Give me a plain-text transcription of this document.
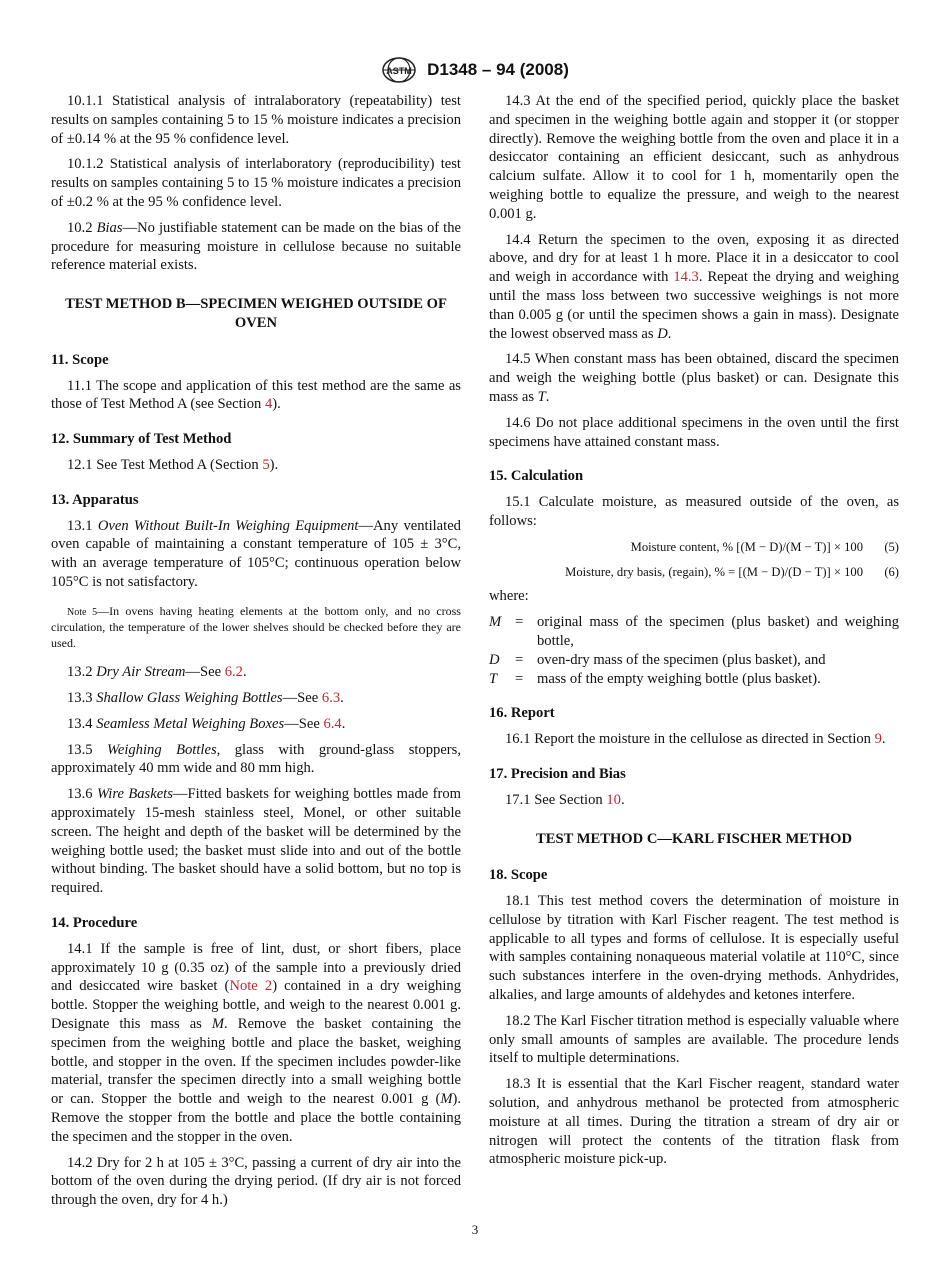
ASTM D1348 – 94 (2008)

10.1.1 Statistical analysis of intralaboratory (repeatability) test results on samples containing 5 to 15 % moisture indicates a precision of ±0.14 % at the 95 % confidence level.

10.1.2 Statistical analysis of interlaboratory (reproducibility) test results on samples containing 5 to 15 % moisture indicates a precision of ±0.2 % at the 95 % confidence level.

10.2 Bias—No justifiable statement can be made on the bias of the procedure for measuring moisture in cellulose because no suitable reference material exists.

TEST METHOD B—SPECIMEN WEIGHED OUTSIDE OF OVEN
11. Scope

11.1 The scope and application of this test method are the same as those of Test Method A (see Section 4).

12. Summary of Test Method

12.1 See Test Method A (Section 5).

13. Apparatus

13.1 Oven Without Built-In Weighing Equipment—Any ventilated oven capable of maintaining a constant temperature of 105 ± 3°C, with an average temperature of 105°C; continuous operation below 105°C is not satisfactory.

Note 5—In ovens having heating elements at the bottom only, and no cross circulation, the temperature of the lower shelves should be checked before they are used.

13.2 Dry Air Stream—See 6.2.

13.3 Shallow Glass Weighing Bottles—See 6.3.

13.4 Seamless Metal Weighing Boxes—See 6.4.

13.5 Weighing Bottles, glass with ground-glass stoppers, approximately 40 mm wide and 80 mm high.

13.6 Wire Baskets—Fitted baskets for weighing bottles made from approximately 15-mesh stainless steel, Monel, or other suitable screen. The height and depth of the basket will be determined by the weighing bottle used; the basket must slide into and out of the bottle without binding. The basket should have a solid bottom, but no top is required.

14. Procedure

14.1 If the sample is free of lint, dust, or short fibers, place approximately 10 g (0.35 oz) of the sample into a previously dried and desiccated wire basket (Note 2) contained in a dry weighing bottle. Stopper the weighing bottle, and weigh to the nearest 0.001 g. Designate this mass as M. Remove the basket containing the specimen from the weighing bottle and place the basket, weighing bottle, and stopper in the oven. If the specimen includes powder-like material, transfer the specimen directly into a small weighing bottle or can. Stopper the bottle and weigh to the nearest 0.001 g (M). Remove the stopper from the bottle and place the bottle containing the specimen and the stopper in the oven.

14.2 Dry for 2 h at 105 ± 3°C, passing a current of dry air into the bottom of the oven during the drying period. (If dry air is not forced through the oven, dry for 4 h.)

14.3 At the end of the specified period, quickly place the basket and specimen in the weighing bottle again and stopper it (or stopper directly). Remove the weighing bottle from the oven and place it in a desiccator containing an efficient desiccant, such as anhydrous calcium sulfate. Allow it to cool for 1 h, momentarily open the weighing bottle to equalize the pressure, and weigh to the nearest 0.001 g.

14.4 Return the specimen to the oven, exposing it as directed above, and dry for at least 1 h more. Place it in a desiccator to cool and weigh in accordance with 14.3. Repeat the drying and weighing until the mass loss between two successive weighings is not more than 0.005 g (or until the specimen shows a gain in mass). Designate the lowest observed mass as D.

14.5 When constant mass has been obtained, discard the specimen and weigh the weighing bottle (plus basket) or can. Designate this mass as T.

14.6 Do not place additional specimens in the oven until the first specimens have attained constant mass.

15. Calculation

15.1 Calculate moisture, as measured outside of the oven, as follows:

Moisture content, % [(M − D)/(M − T)] × 100	(5)
Moisture, dry basis, (regain), % = [(M − D)/(D − T)] × 100	(6)

where:

M = original mass of the specimen (plus basket) and weighing bottle,
D	= oven-dry mass of the specimen (plus basket), and
T	= mass of the empty weighing bottle (plus basket).
16. Report

16.1 Report the moisture in the cellulose as directed in Section 9.

17. Precision and Bias

17.1 See Section 10.

TEST METHOD C—KARL FISCHER METHOD
18. Scope

18.1 This test method covers the determination of moisture in cellulose by titration with Karl Fischer reagent. The test method is applicable to all types and forms of cellulose. It is especially useful with samples containing nonaqueous material volatile at 110°C, since such substances interfere in the oven-drying methods. Anhydrides, alkalies, and large amounts of aldehydes and ketones interfere.

18.2 The Karl Fischer titration method is especially valuable where only small amounts of samples are available. The procedure lends itself to multiple determinations.

18.3 It is essential that the Karl Fischer reagent, standard water solution, and anhydrous methanol be protected from atmospheric moisture at all times. During the titration a stream of dry air or nitrogen will protect the contents of the titration flask from atmospheric moisture pick-up.

3
